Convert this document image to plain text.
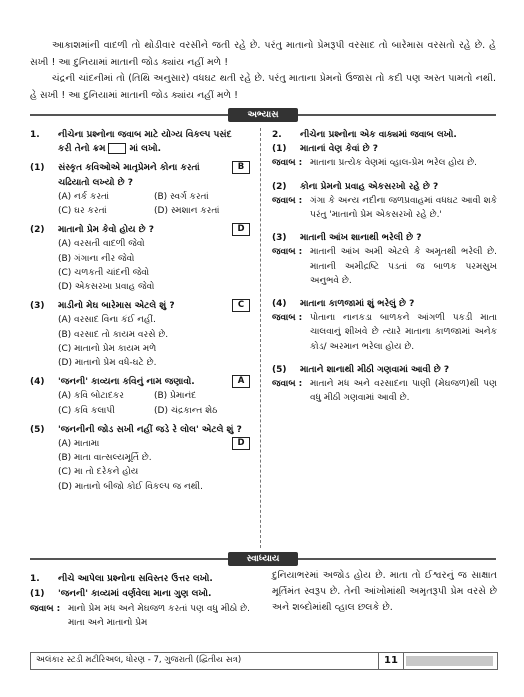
આકાશમાંની વાદળી તો થોડીવાર વરસીને જતી રહે છે. પરંતુ માતાનો પ્રેમરૂપી વરસાદ તો બારેમાસ વરસતો રહે છે. હે સખી ! આ દુનિયામાં માતાની જોડ ક્યાંય નહીં મળે !

ચંદ્રની ચાંદનીમાં તો (તિથિ અનુસાર) વધઘટ થતી રહે છે. પરંતુ માતાના પ્રેમનો ઉજાસ તો કદી પણ અસ્ત પામતો નથી. હે સખી ! આ દુનિયામાં માતાની જોડ ક્યાંય નહીં મળે !

અભ્યાસ
1.	નીચેના પ્રશ્નોના જવાબ માટે યોગ્ય વિકલ્પ પસંદ
કરી તેનો ક્રમ	માં લખો.
(1)	સંસ્કૃત કવિઓએ માતૃપ્રેમને કોના કરતાં ચઢિયાતો લખ્યો છે ?
B
(A) નર્ક કરતાં	(B) સ્વર્ગ કરતાં
(C) ઘર કરતાં	(D) સ્મશાન કરતાં
(2)	માતાનો પ્રેમ કેવો હોય છે ?	D
(A) વરસતી વાદળી જેવો
(B) ગંગાના નીર જેવો
(C) ચળકતી ચાંદની જેવો
(D) એકસરખા પ્રવાહ જેવો
(3)	માડીનો મેઘ બારેમાસ એટલે શું ?	C
(A) વરસાદ વિના કંઈ નહીં.
(B) વરસાદ તો કાયમ વરસે છે.
(C) માતાનો પ્રેમ કાયમ મળે
(D) માતાનો પ્રેમ વધે-ઘટે છે.
(4)	'જનની' કાવ્યના કવિનું નામ જણાવો.	A
(A) કવિ બોટાદકર	(B) પ્રેમાનંદ
(C) કવિ કલાપી	(D) ચંદ્રકાન્ત શેઠ
(5)	'જનનીની જોડ સખી નહીં જડે રે લોલ' એટલે શું ?
(A) માતામા	D
(B) માતા વાત્સલ્યમૂર્તિ છે.
(C) મા તો દરેકને હોય
(D) માતાનો બીજો કોઈ વિકલ્પ જ નથી.
2.	નીચેના પ્રશ્નોના એક વાક્યમાં જવાબ લખો.
(1)	માતાનાં વેણ કેવાં છે ?
જવાબ : માતાના પ્રત્યેક વેણમાં વ્હાલ-પ્રેમ ભરેલ હોય છે.
(2)	કોના પ્રેમનો પ્રવાહ એકસરખો રહે છે ?
જવાબ : ગંગા કે અન્ય નદીના જળપ્રવાહમાં વધઘટ આવી શકે પરંતુ 'માતાનો પ્રેમ એકસરખો રહે છે.'
(3)	માતાની આંખ શાનાથી ભરેલી છે ?
જવાબ : માતાની આંખ અમી એટલે કે અમૃતથી ભરેલી છે. માતાની અમીદ્રષ્ટિ પડતાં જ બાળક પરમસુખ અનુભવે છે.
(4)	માતાના કાળજામાં શું ભરેલું છે ?
જવાબ : પોતાના નાનકડા બાળકને આંગળી પકડી માતા ચાલવાનું શીખવે છે ત્યારે માતાના કાળજામાં અનેક કોડ/ અરમાન ભરેલા હોય છે.
(5)	માતાને શાનાથી મીઠી ગણવામાં આવી છે ?
જવાબ : માતાને મધ અને વરસાદના પાણી (મેઘજળ)થી પણ વધુ મીઠી ગણવામાં આવી છે.
સ્વાધ્યાય
1.	નીચે આપેલા પ્રશ્નોના સવિસ્તર ઉત્તર લખો.
(1)	'જનની' કાવ્યમાં વર્ણવેલા માના ગુણ લખો.
જવાબ : માનો પ્રેમ મધ અને મેઘજળ કરતાં પણ વધુ મીઠો છે. માતા અને માતાનો પ્રેમ
દુનિયાભરમાં અજોડ હોય છે. માતા તો ઈશ્વરનું જ સાક્ષાત મૂર્તિમંત સ્વરૂપ છે. તેની આંખોમાંથી અમૃતરૂપી પ્રેમ વરસે છે અને શબ્દોમાંથી વ્હાલ છલકે છે.
અલંકાર સ્ટડી મટીરિઅલ, ધોરણ - 7, ગુજરાતી (દ્વિતીય સત્ર)	11
